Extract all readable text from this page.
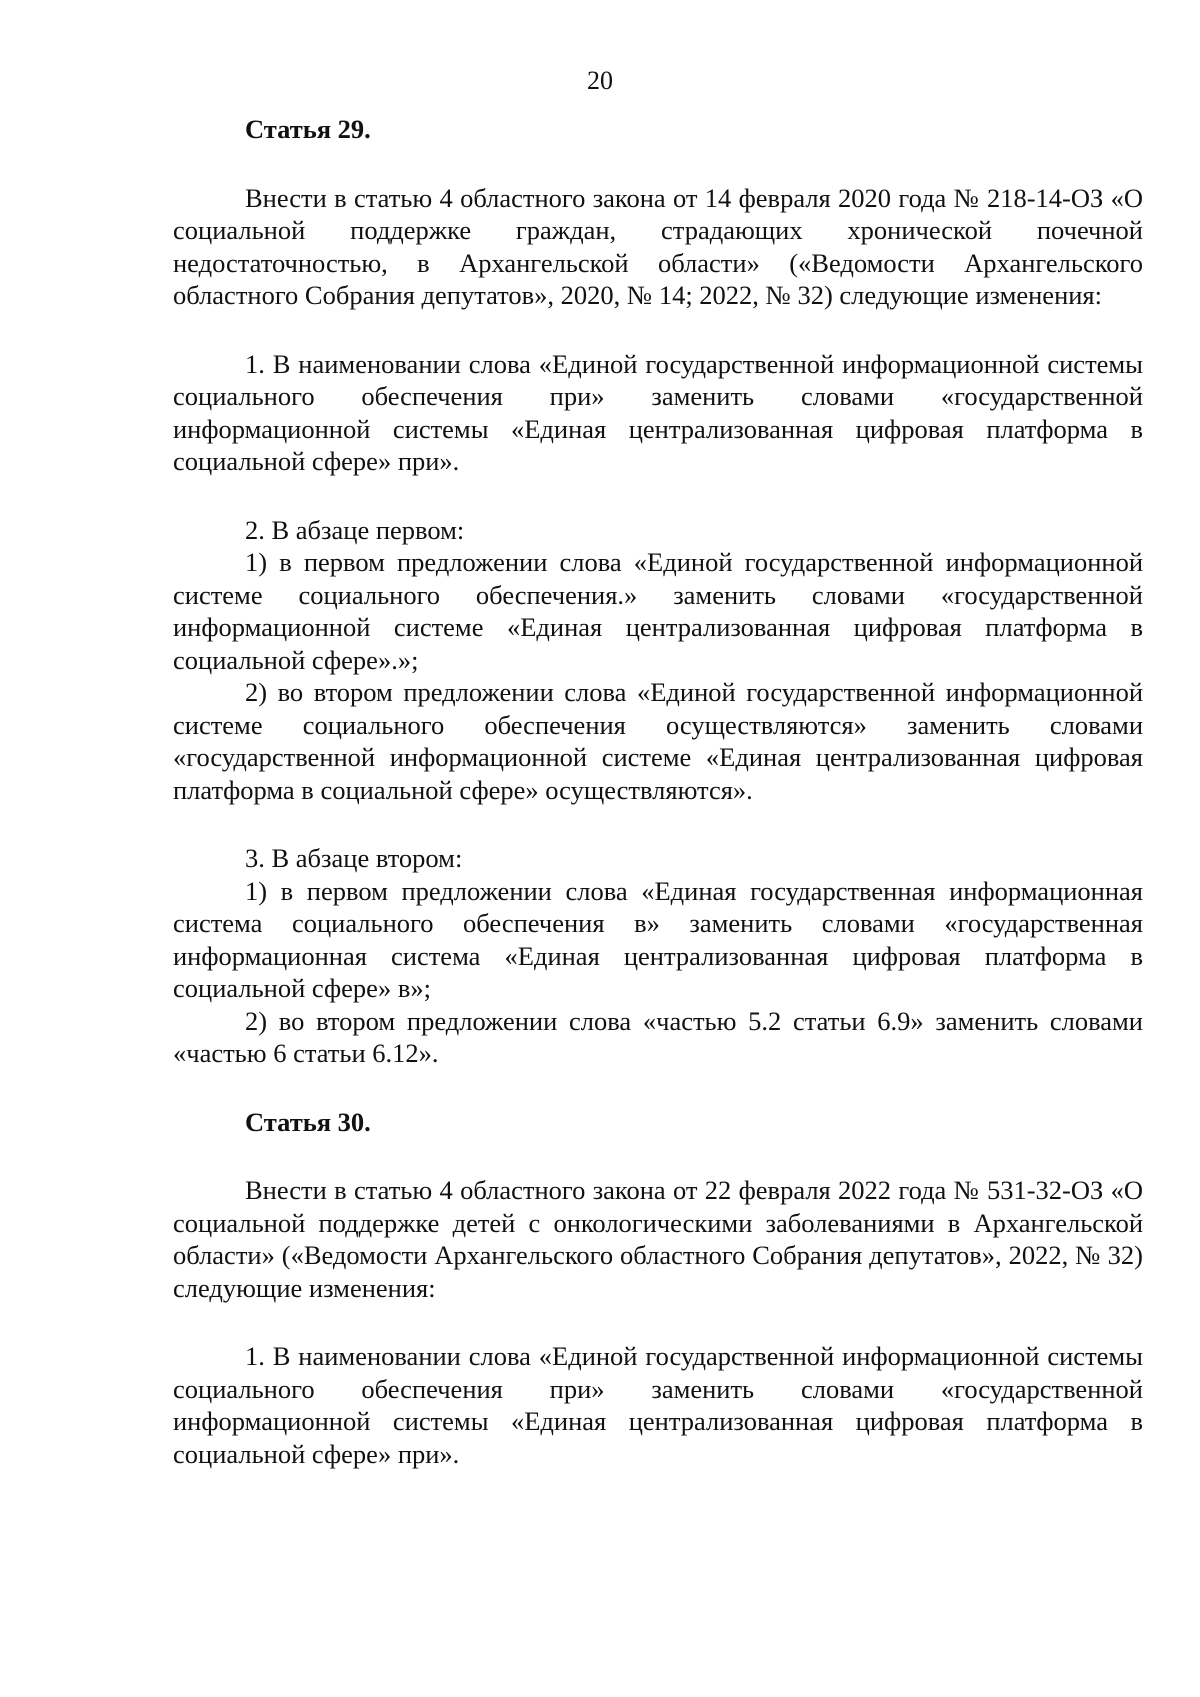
20

Статья 29.

Внести в статью 4 областного закона от 14 февраля 2020 года № 218-14-ОЗ «О социальной поддержке граждан, страдающих хронической почечной недостаточностью, в Архангельской области» («Ведомости Архангельского областного Собрания депутатов», 2020, № 14; 2022, № 32) следующие изменения:

1. В наименовании слова «Единой государственной информационной системы социального обеспечения при» заменить словами «государственной информационной системы «Единая централизованная цифровая платформа в социальной сфере» при».

2. В абзаце первом:

1) в первом предложении слова «Единой государственной информационной системе социального обеспечения.» заменить словами «государственной информационной системе «Единая централизованная цифровая платформа в социальной сфере».»;

2) во втором предложении слова «Единой государственной информационной системе социального обеспечения осуществляются» заменить словами «государственной информационной системе «Единая централизованная цифровая платформа в социальной сфере» осуществляются».

3. В абзаце втором:

1) в первом предложении слова «Единая государственная информационная система социального обеспечения в» заменить словами «государственная информационная система «Единая централизованная цифровая платформа в социальной сфере» в»;

2) во втором предложении слова «частью 5.2 статьи 6.9» заменить словами «частью 6 статьи 6.12».

Статья 30.

Внести в статью 4 областного закона от 22 февраля 2022 года № 531-32-ОЗ «О социальной поддержке детей с онкологическими заболеваниями в Архангельской области» («Ведомости Архангельского областного Собрания депутатов», 2022, № 32) следующие изменения:

1. В наименовании слова «Единой государственной информационной системы социального обеспечения при» заменить словами «государственной информационной системы «Единая централизованная цифровая платформа в социальной сфере» при».
